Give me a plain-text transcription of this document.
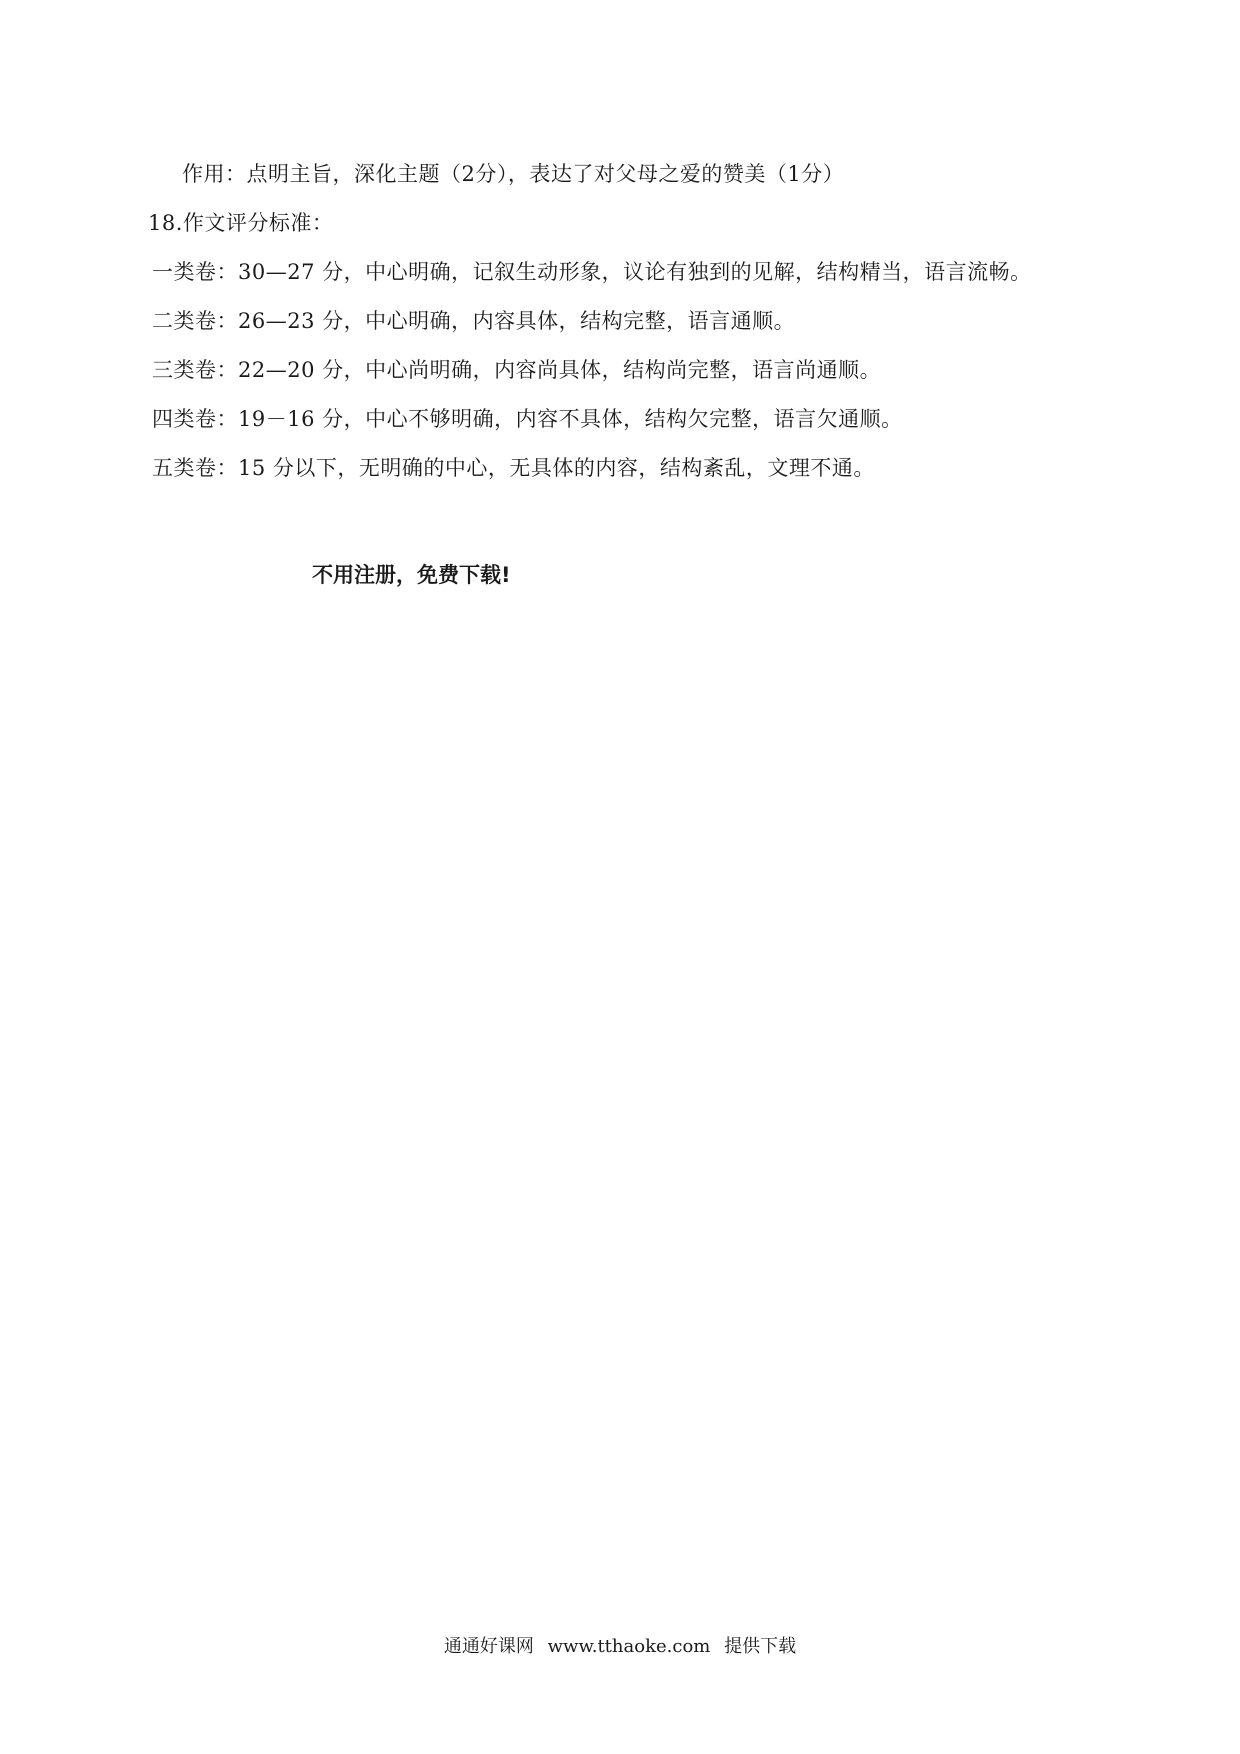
作用：点明主旨，深化主题（2分），表达了对父母之爱的赞美（1分）
18.作文评分标准：
一类卷：30—27 分，中心明确，记叙生动形象，议论有独到的见解，结构精当，语言流畅。
二类卷：26—23 分，中心明确，内容具体，结构完整，语言通顺。
三类卷：22—20 分，中心尚明确，内容尚具体，结构尚完整，语言尚通顺。
四类卷：19－16 分，中心不够明确，内容不具体，结构欠完整，语言欠通顺。
五类卷：15 分以下，无明确的中心，无具体的内容，结构紊乱，文理不通。
不用注册，免费下载!
通通好课网 www.tthaoke.com 提供下载
